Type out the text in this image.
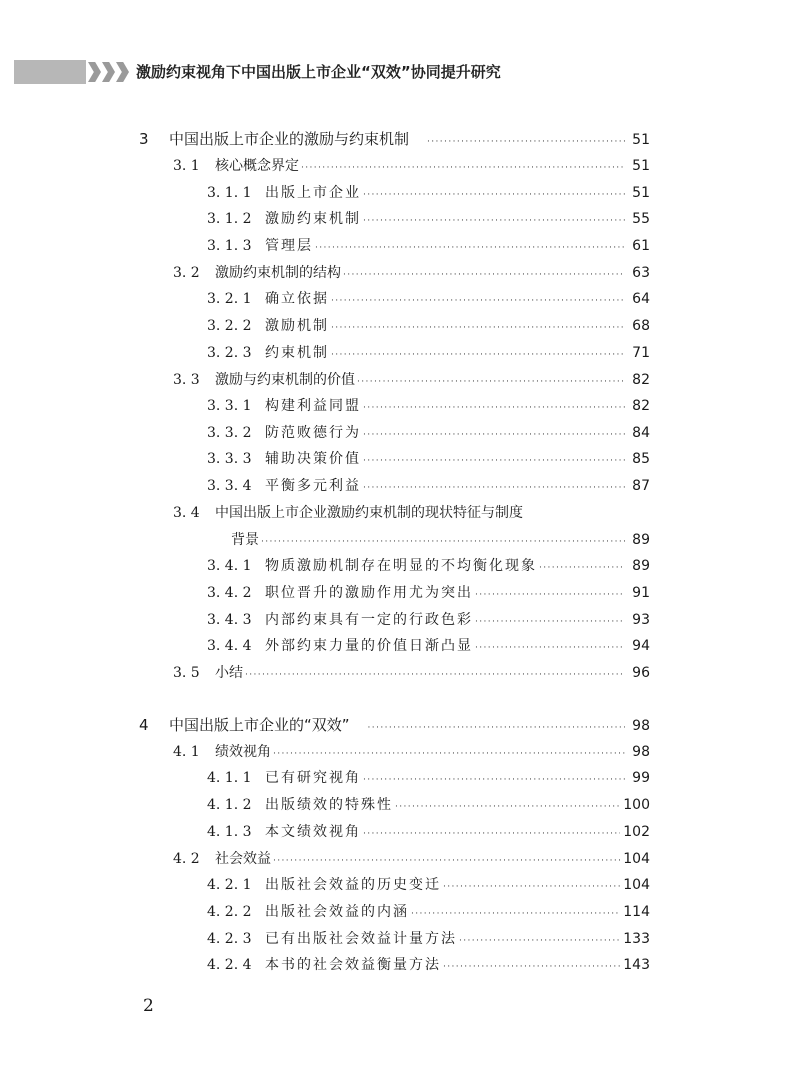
激励约束视角下中国出版上市企业“双效”协同提升研究
3	中国出版上市企业的激励与约束机制 ·····	51
3. 1	核心概念界定 ·····	51
3. 1. 1 出版上市企业 ·····	51
3. 1. 2 激励约束机制 ·····	55
3. 1. 3 管理层 ·····	61
3. 2	激励约束机制的结构 ·····	63
3. 2. 1 确立依据 ·····	64
3. 2. 2 激励机制 ·····	68
3. 2. 3 约束机制 ·····	71
3. 3	激励与约束机制的价值 ·····	82
3. 3. 1 构建利益同盟 ·····	82
3. 3. 2 防范败德行为 ·····	84
3. 3. 3 辅助决策价值 ·····	85
3. 3. 4 平衡多元利益 ·····	87
3. 4	中国出版上市企业激励约束机制的现状特征与制度
背景 ·····	89
3. 4. 1 物质激励机制存在明显的不均衡化现象 ·····	89
3. 4. 2 职位晋升的激励作用尤为突出 ·····	91
3. 4. 3 内部约束具有一定的行政色彩 ·····	93
3. 4. 4 外部约束力量的价值日渐凸显 ·····	94
3. 5	小结 ·····	96
4	中国出版上市企业的“双效” ·····	98
4. 1	绩效视角 ·····	98
4. 1. 1 已有研究视角 ·····	99
4. 1. 2 出版绩效的特殊性 ·····	100
4. 1. 3 本文绩效视角 ·····	102
4. 2	社会效益 ·····	104
4. 2. 1 出版社会效益的历史变迁 ·····	104
4. 2. 2 出版社会效益的内涵 ·····	114
4. 2. 3 已有出版社会效益计量方法 ·····	133
4. 2. 4 本书的社会效益衡量方法 ·····	143
2
